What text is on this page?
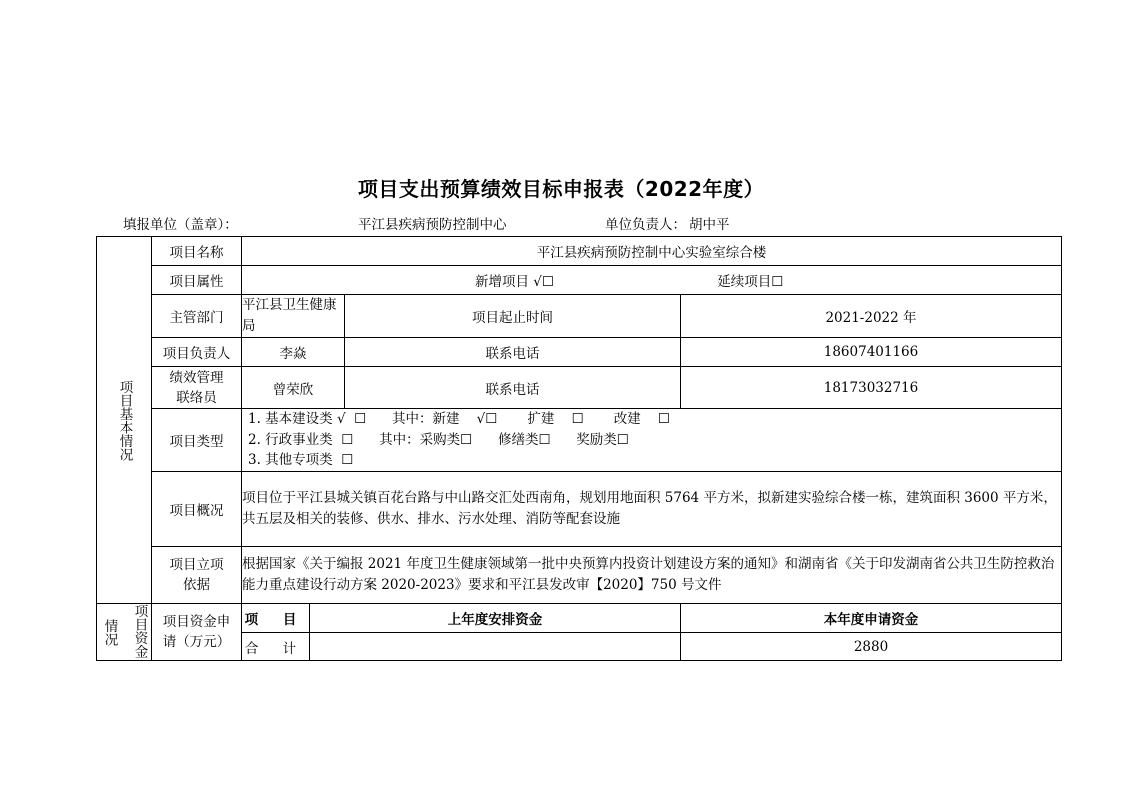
项目支出预算绩效目标申报表（2022年度）
填报单位（盖章）：	平江县疾病预防控制中心	单位负责人： 胡中平
项目基本情况	项目名称	平江县疾病预防控制中心实验室综合楼			
	项目属性	新增项目 √☐ 延续项目☐			
	主管部门	平江县卫生健康局		项目起止时间	2021-2022 年
	项目负责人	李焱		联系电话	18607401166
	绩效管理联络员	曾荣欣		联系电话	18173032716
	项目类型	1. 基本建设类 √  ☐      其中：新建    √☐       扩建    ☐       改建    ☐
2. 行政事业类  ☐      其中：采购类☐      修缮类☐      奖励类☐
3. 其他专项类  ☐			

	项目概况	项目位于平江县城关镇百花台路与中山路交汇处西南角，规划用地面积 5764 平方米，拟新建实验综合楼一栋，建筑面积 3600 平方米，共五层及相关的装修、供水、排水、污水处理、消防等配套设施			
	项目立项依据	根据国家《关于编报 2021 年度卫生健康领域第一批中央预算内投资计划建设方案的通知》和湖南省《关于印发湖南省公共卫生防控救治能力重点建设行动方案 2020-2023》要求和平江县发改审【2020】750 号文件			

情况 项目资金	项目资金申请（万元）	项 目	上年度安排资金		本年度申请资金
		合 计			2880
